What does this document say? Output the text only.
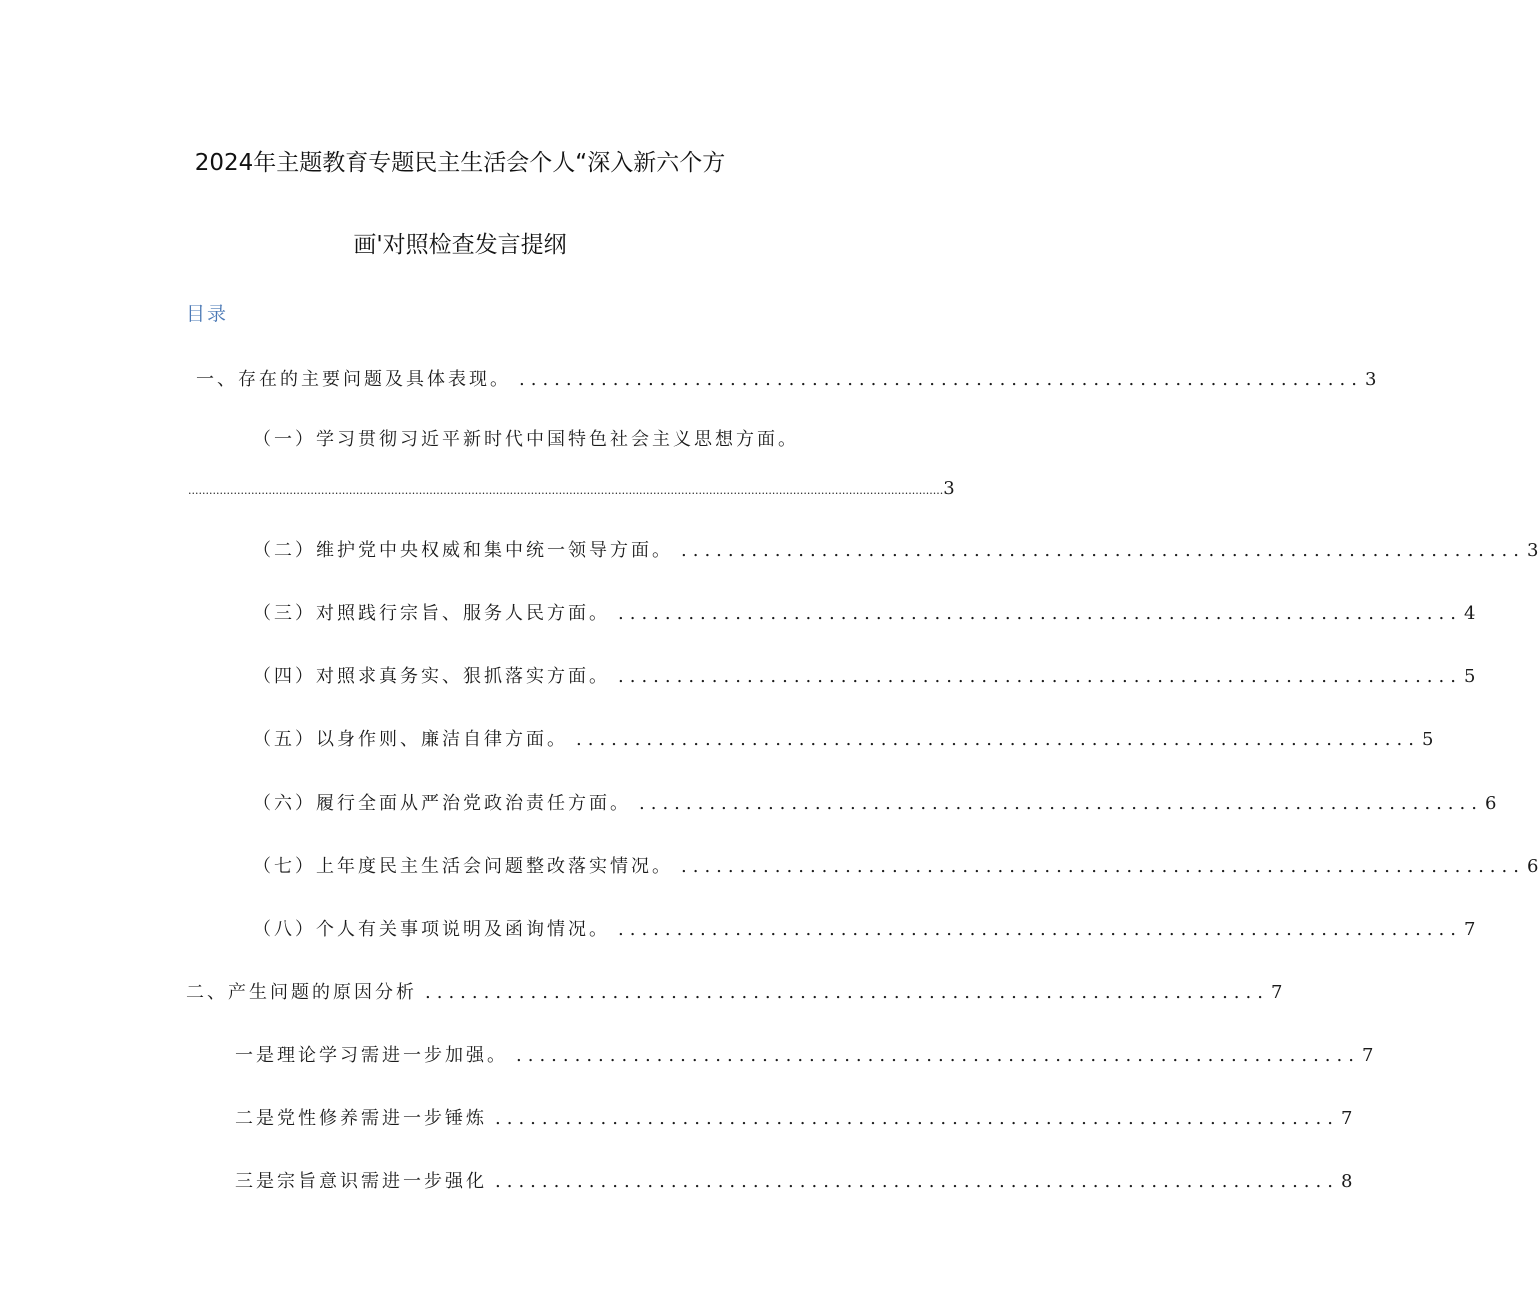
2024年主题教育专题民主生活会个人“深入新六个方
画'对照检查发言提纲
目录
一、存在的主要问题及具体表现。 ........................................................................ 3
（一）学习贯彻习近平新时代中国特色社会主义思想方面。
........................................................................................................................................................................................................................ 3
（二）维护党中央权威和集中统一领导方面。 ........................................................................ 3
（三）对照践行宗旨、服务人民方面。 ........................................................................ 4
（四）对照求真务实、狠抓落实方面。 ........................................................................ 5
（五）以身作则、廉洁自律方面。 ........................................................................ 5
（六）履行全面从严治党政治责任方面。 ........................................................................ 6
（七）上年度民主生活会问题整改落实情况。 ........................................................................ 6
（八）个人有关事项说明及函询情况。 ........................................................................ 7
二、产生问题的原因分析 ........................................................................ 7
一是理论学习需进一步加强。 ........................................................................ 7
二是党性修养需进一步锤炼 ........................................................................ 7
三是宗旨意识需进一步强化 ........................................................................ 8
